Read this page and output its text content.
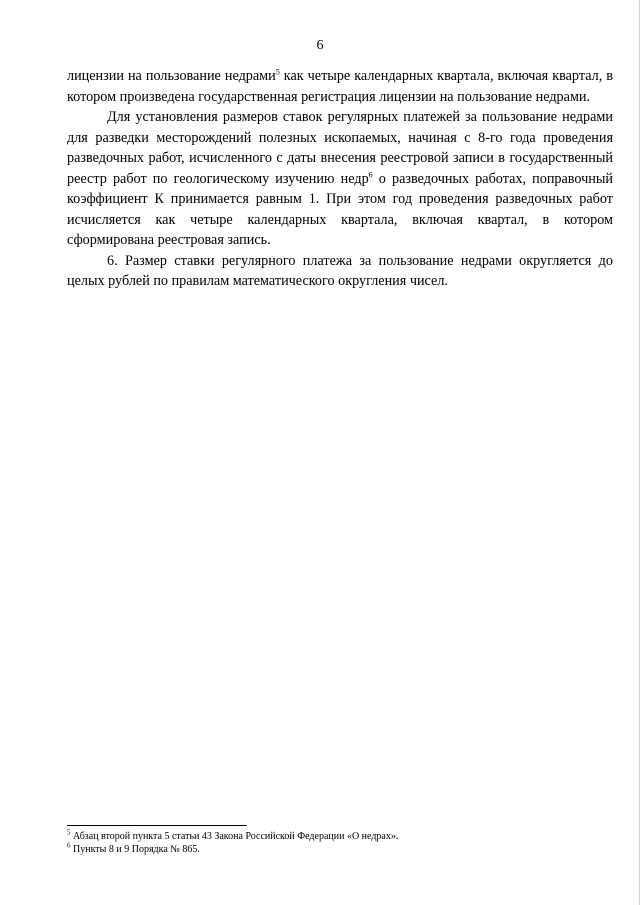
6

лицензии на пользование недрами$^5$ как четыре календарных квартала, включая квартал, в котором произведена государственная регистрация лицензии на пользование недрами.

Для установления размеров ставок регулярных платежей за пользование недрами для разведки месторождений полезных ископаемых, начиная с 8-го года проведения разведочных работ, исчисленного с даты внесения реестровой записи в государственный реестр работ по геологическому изучению недр$^6$ о разведочных работах, поправочный коэффициент К принимается равным 1. При этом год проведения разведочных работ исчисляется как четыре календарных квартала, включая квартал, в котором сформирована реестровая запись.

6. Размер ставки регулярного платежа за пользование недрами округляется до целых рублей по правилам математического округления чисел.

$^5$ Абзац второй пункта 5 статьи 43 Закона Российской Федерации «О недрах».
$^6$ Пункты 8 и 9 Порядка № 865.
